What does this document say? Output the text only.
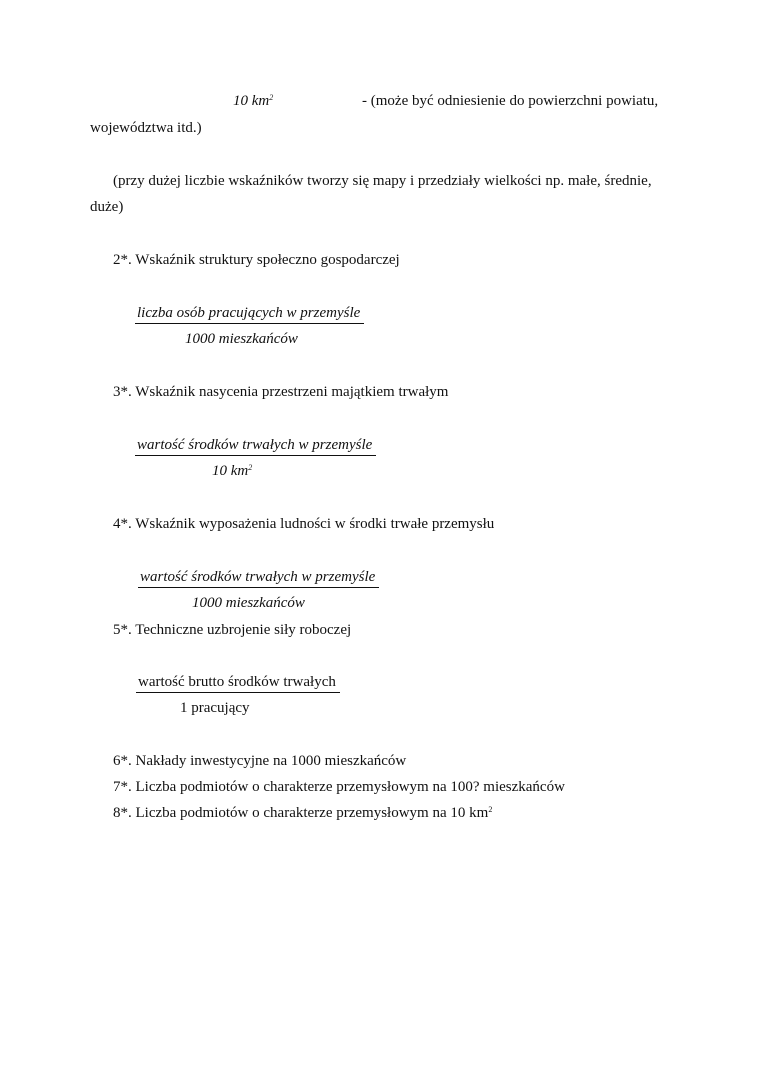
10 $km^2$	- (może być odniesienie do powierzchni powiatu,
województwa itd.)
(przy dużej liczbie wskaźników tworzy się mapy i przedziały wielkości np. małe, średnie,
duże)
2*. Wskaźnik struktury społeczno gospodarczej
liczba osób pracujących w przemyśle
1000 mieszkańców
3*. Wskaźnik nasycenia przestrzeni majątkiem trwałym
wartość środków trwałych w przemyśle
10 $km^2$
4*. Wskaźnik wyposażenia ludności w środki trwałe przemysłu
wartość środków trwałych w przemyśle
1000 mieszkańców
5*. Techniczne uzbrojenie siły roboczej
wartość brutto środków trwałych
1 pracujący
6*. Nakłady inwestycyjne na 1000 mieszkańców
7*. Liczba podmiotów o charakterze przemysłowym na 100? mieszkańców
8*. Liczba podmiotów o charakterze przemysłowym na 10 $km^2$
